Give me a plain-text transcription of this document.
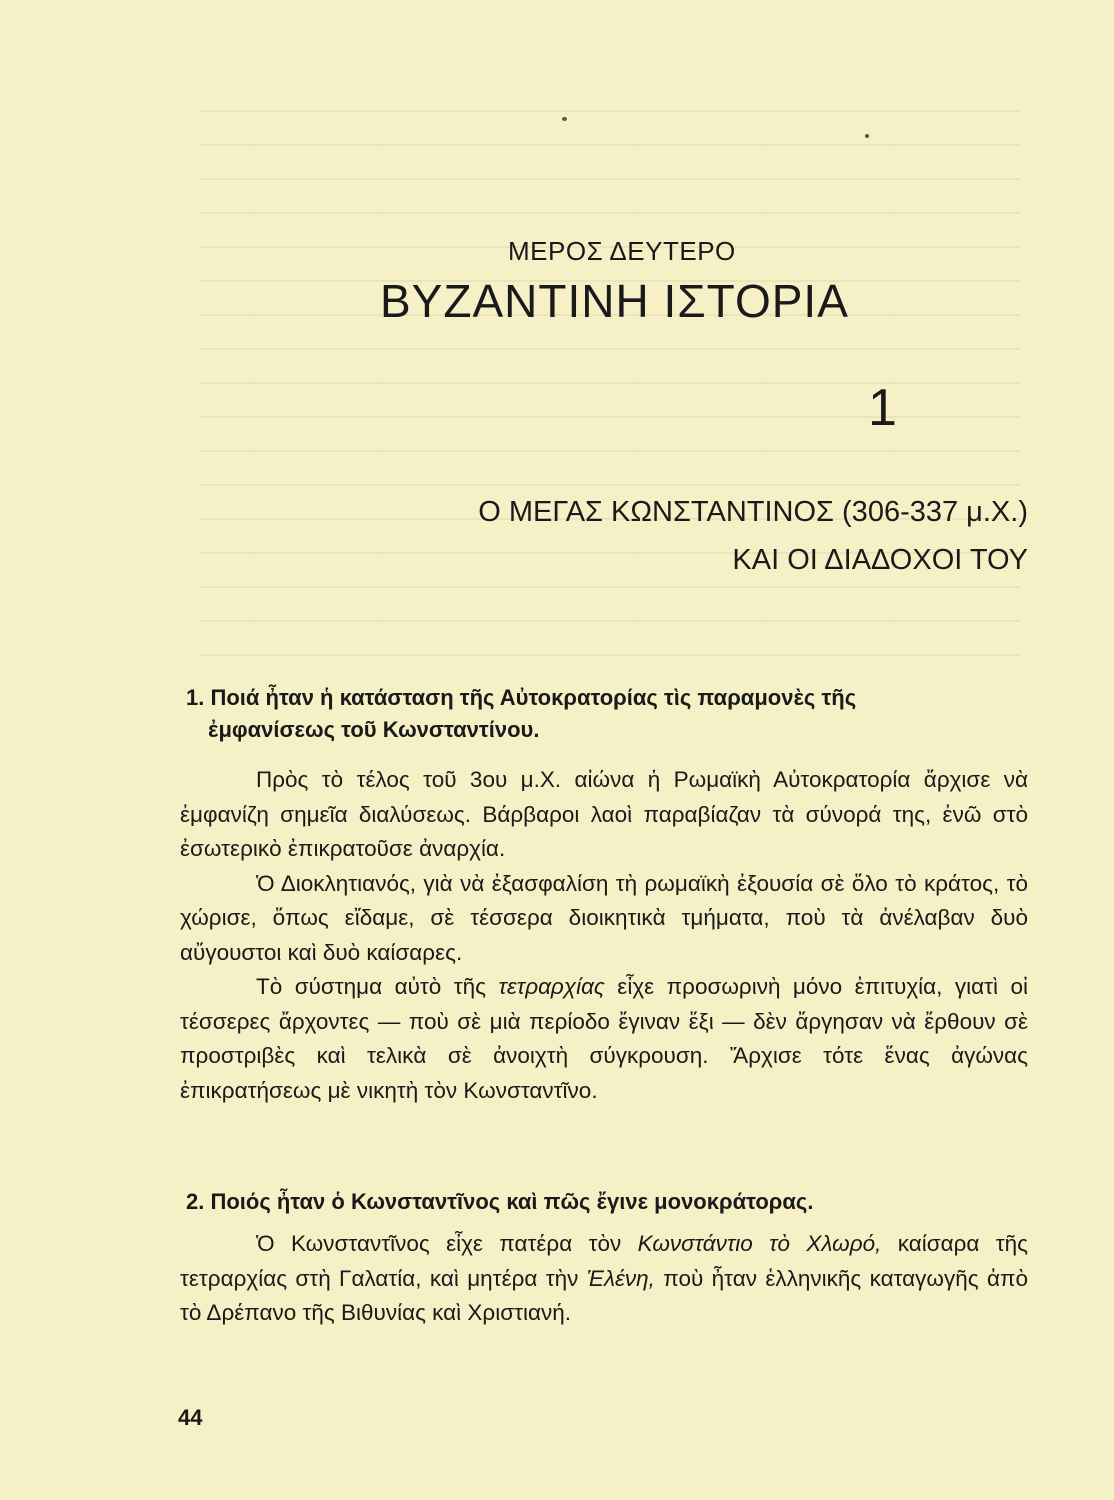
ΜΕΡΟΣ ΔΕΥΤΕΡΟ
ΒΥΖΑΝΤΙΝΗ ΙΣΤΟΡΙΑ
1
Ο ΜΕΓΑΣ ΚΩΝΣΤΑΝΤΙΝΟΣ (306-337 μ.Χ.)
ΚΑΙ ΟΙ ΔΙΑΔΟΧΟΙ ΤΟΥ
1. Ποιά ἦταν ἡ κατάσταση τῆς Αὐτοκρατορίας τὶς παραμονὲς τῆς
ἐμφανίσεως τοῦ Κωνσταντίνου.

Πρὸς τὸ τέλος τοῦ 3ου μ.Χ. αἰώνα ἡ Ρωμαϊκὴ Αὐτοκρατορία ἄρχισε νὰ ἐμφανίζη σημεῖα διαλύσεως. Βάρβαροι λαοὶ παραβίαζαν τὰ σύνορά της, ἐνῶ στὸ ἐσωτερικὸ ἐπικρατοῦσε ἀναρχία.

Ὁ Διοκλητιανός, γιὰ νὰ ἐξασφαλίση τὴ ρωμαϊκὴ ἐξουσία σὲ ὅλο τὸ κράτος, τὸ χώρισε, ὅπως εἴδαμε, σὲ τέσσερα διοικητικὰ τμήματα, ποὺ τὰ ἀνέλαβαν δυὸ αὔγουστοι καὶ δυὸ καίσαρες.

Τὸ σύστημα αὐτὸ τῆς τετραρχίας εἶχε προσωρινὴ μόνο ἐπιτυχία, γιατὶ οἱ τέσσερες ἄρχοντες — ποὺ σὲ μιὰ περίοδο ἔγιναν ἕξι — δὲν ἄργησαν νὰ ἔρθουν σὲ προστριβὲς καὶ τελικὰ σὲ ἀνοιχτὴ σύγκρουση. Ἄρχισε τότε ἕνας ἀγώνας ἐπικρατήσεως μὲ νικητὴ τὸν Κωνσταντῖνο.

2. Ποιός ἦταν ὁ Κωνσταντῖνος καὶ πῶς ἔγινε μονοκράτορας.

Ὁ Κωνσταντῖνος εἶχε πατέρα τὸν Κωνστάντιο τὸ Χλωρό, καίσαρα τῆς τετραρχίας στὴ Γαλατία, καὶ μητέρα τὴν Ἑλένη, ποὺ ἦταν ἑλληνικῆς καταγωγῆς ἀπὸ τὸ Δρέπανο τῆς Βιθυνίας καὶ Χριστιανή.

44
